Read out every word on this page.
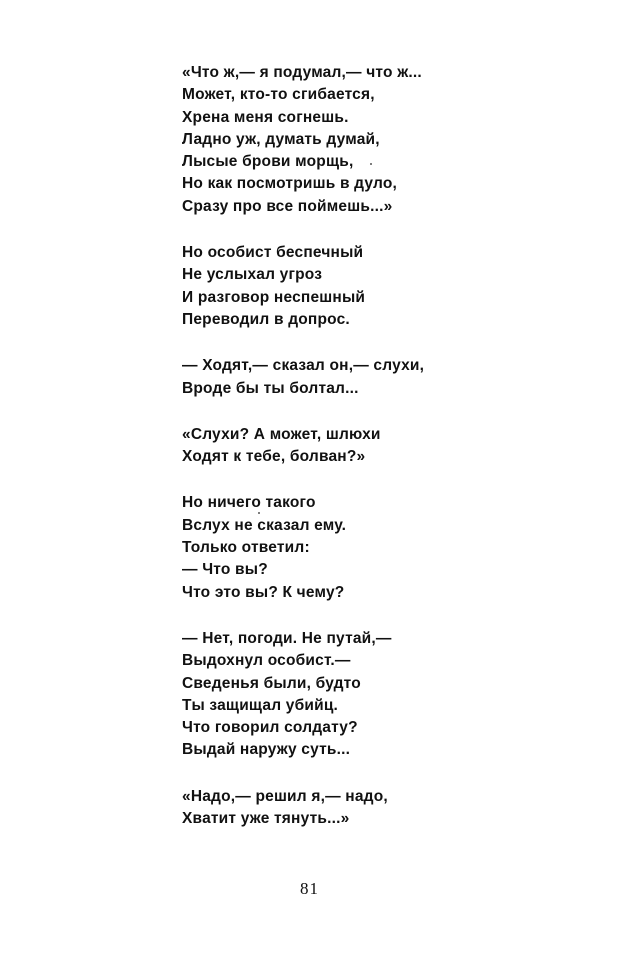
«Что ж,— я подумал,— что ж...
Может, кто-то сгибается,
Хрена меня согнешь.
Ладно уж, думать думай,
Лысые брови морщь,
Но как посмотришь в дуло,
Сразу про все поймешь...»
Но особист беспечный
Не услыхал угроз
И разговор неспешный
Переводил в допрос.
— Ходят,— сказал он,— слухи,
Вроде бы ты болтал...
«Слухи? А может, шлюхи
Ходят к тебе, болван?»
Но ничего такого
Вслух не сказал ему.
Только ответил:
— Что вы?
Что это вы? К чему?
— Нет, погоди. Не путай,—
Выдохнул особист.—
Сведенья были, будто
Ты защищал убийц.
Что говорил солдату?
Выдай наружу суть...
«Надо,— решил я,— надо,
Хватит уже тянуть...»
81
